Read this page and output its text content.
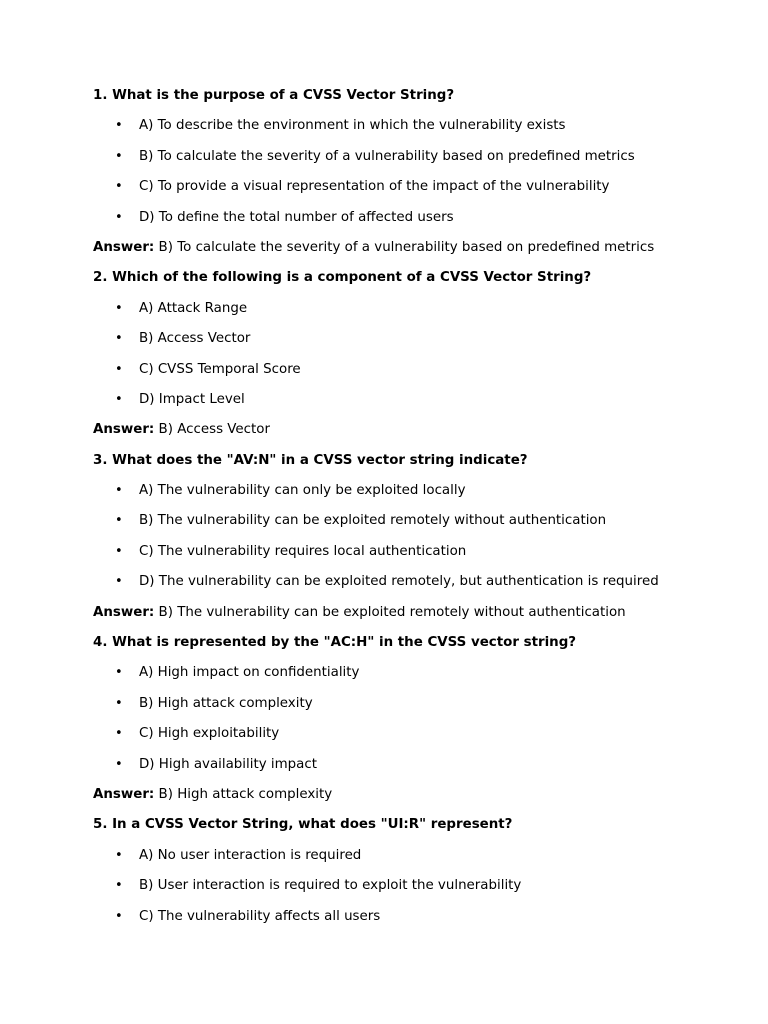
1. What is the purpose of a CVSS Vector String?
• A) To describe the environment in which the vulnerability exists
• B) To calculate the severity of a vulnerability based on predefined metrics
• C) To provide a visual representation of the impact of the vulnerability
• D) To define the total number of affected users
Answer: B) To calculate the severity of a vulnerability based on predefined metrics
2. Which of the following is a component of a CVSS Vector String?
• A) Attack Range
• B) Access Vector
• C) CVSS Temporal Score
• D) Impact Level
Answer: B) Access Vector
3. What does the "AV:N" in a CVSS vector string indicate?
• A) The vulnerability can only be exploited locally
• B) The vulnerability can be exploited remotely without authentication
• C) The vulnerability requires local authentication
• D) The vulnerability can be exploited remotely, but authentication is required
Answer: B) The vulnerability can be exploited remotely without authentication
4. What is represented by the "AC:H" in the CVSS vector string?
• A) High impact on confidentiality
• B) High attack complexity
• C) High exploitability
• D) High availability impact
Answer: B) High attack complexity
5. In a CVSS Vector String, what does "UI:R" represent?
• A) No user interaction is required
• B) User interaction is required to exploit the vulnerability
• C) The vulnerability affects all users
